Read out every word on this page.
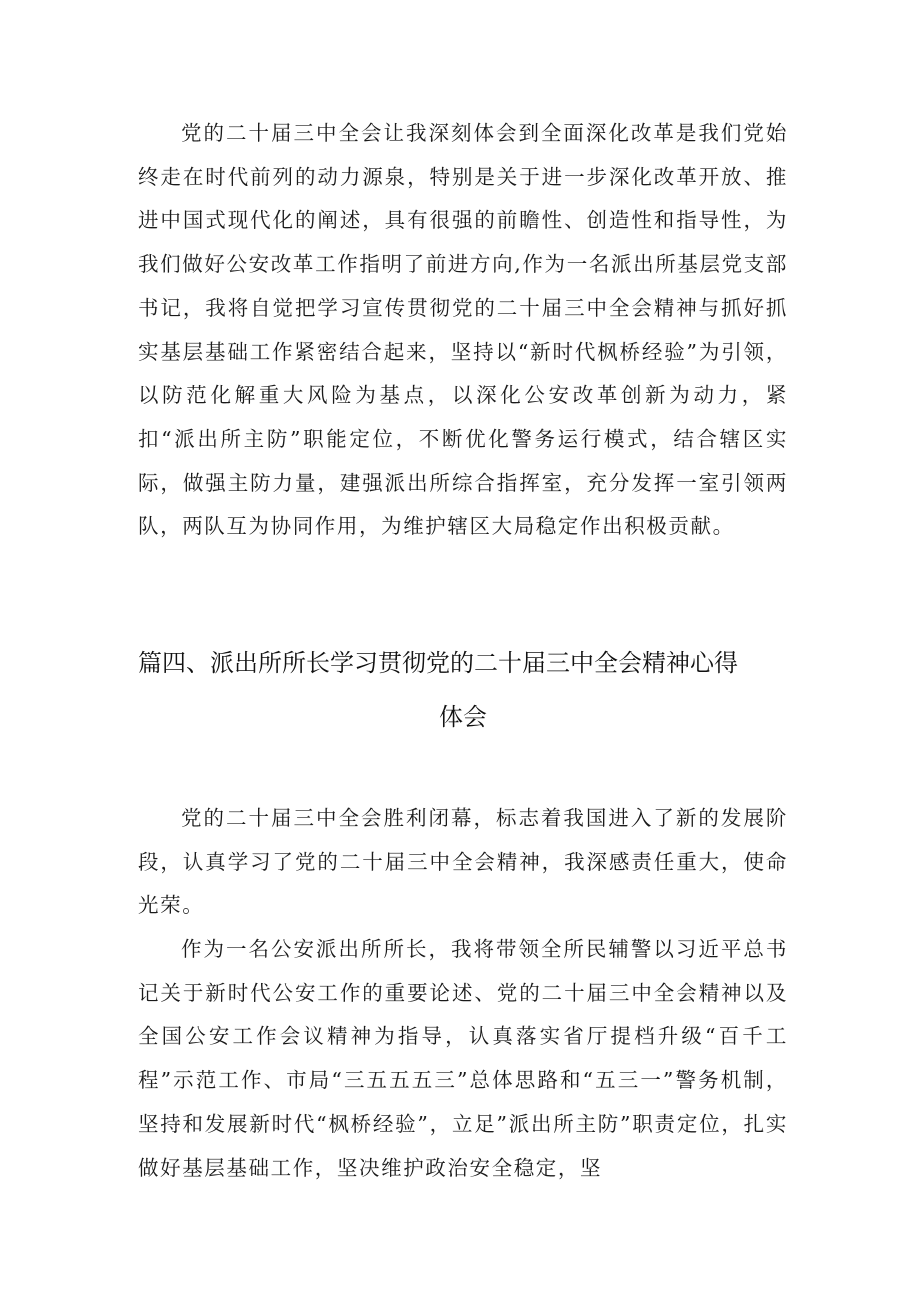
党的二十届三中全会让我深刻体会到全面深化改革是我们党始终走在时代前列的动力源泉，特别是关于进一步深化改革开放、推进中国式现代化的阐述，具有很强的前瞻性、创造性和指导性，为我们做好公安改革工作指明了前进方向,作为一名派出所基层党支部书记，我将自觉把学习宣传贯彻党的二十届三中全会精神与抓好抓实基层基础工作紧密结合起来，坚持以“新时代枫桥经验”为引领，以防范化解重大风险为基点，以深化公安改革创新为动力，紧扣“派出所主防”职能定位，不断优化警务运行模式，结合辖区实际，做强主防力量，建强派出所综合指挥室，充分发挥一室引领两队，两队互为协同作用，为维护辖区大局稳定作出积极贡献。

篇四、派出所所长学习贯彻党的二十届三中全会精神心得
体会

党的二十届三中全会胜利闭幕，标志着我国进入了新的发展阶段，认真学习了党的二十届三中全会精神，我深感责任重大，使命光荣。

作为一名公安派出所所长，我将带领全所民辅警以习近平总书记关于新时代公安工作的重要论述、党的二十届三中全会精神以及全国公安工作会议精神为指导，认真落实省厅提档升级“百千工程”示范工作、市局“三五五五三”总体思路和“五三一”警务机制，坚持和发展新时代“枫桥经验”，立足”派出所主防”职责定位，扎实做好基层基础工作，坚决维护政治安全稳定，坚
